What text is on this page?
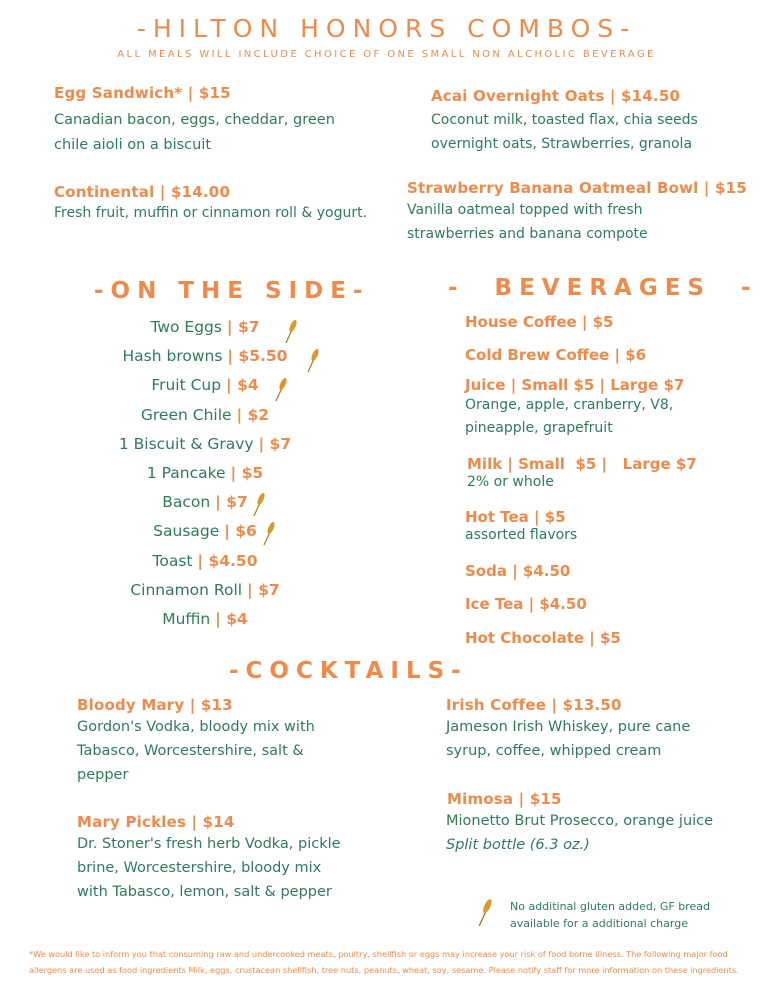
-HILTON HONORS COMBOS-
ALL MEALS WILL INCLUDE CHOICE OF ONE SMALL NON ALCHOLIC BEVERAGE
Egg Sandwich* | $15
Canadian bacon, eggs, cheddar, green
chile aioli on a biscuit
Continental | $14.00
Fresh fruit, muffin or cinnamon roll & yogurt.
Acai Overnight Oats | $14.50
Coconut milk, toasted flax, chia seeds
overnight oats, Strawberries, granola
Strawberry Banana Oatmeal Bowl | $15
Vanilla oatmeal topped with fresh
strawberries and banana compote
-ON THE SIDE-
Two Eggs | $7
Hash browns | $5.50
Fruit Cup | $4
Green Chile | $2
1 Biscuit & Gravy | $7
1 Pancake | $5
Bacon | $7
Sausage | $6
Toast | $4.50
Cinnamon Roll | $7
Muffin | $4
-  BEVERAGES  -
House Coffee | $5
Cold Brew Coffee | $6
Juice | Small $5 | Large $7
Orange, apple, cranberry, V8,
pineapple, grapefruit
Milk | Small  $5 |   Large $7
2% or whole
Hot Tea | $5
assorted flavors
Soda | $4.50
Ice Tea | $4.50
Hot Chocolate | $5
-COCKTAILS-
Bloody Mary | $13
Gordon's Vodka, bloody mix with
Tabasco, Worcestershire, salt &
pepper
Mary Pickles | $14
Dr. Stoner's fresh herb Vodka, pickle
brine, Worcestershire, bloody mix
with Tabasco, lemon, salt & pepper
Irish Coffee | $13.50
Jameson Irish Whiskey, pure cane
syrup, coffee, whipped cream
Mimosa | $15
Mionetto Brut Prosecco, orange juice
Split bottle (6.3 oz.)
No additinal gluten added, GF bread
available for a additional charge
*We would like to inform you that consuming raw and undercooked meats, poultry, shellfish or eggs may increase your risk of food borne illness. The following major food allergens are used as food ingredients Milk, eggs, crustacean shellfish, tree nuts, peanuts, wheat, soy, sesame. Please notify staff for more information on these ingredients.
